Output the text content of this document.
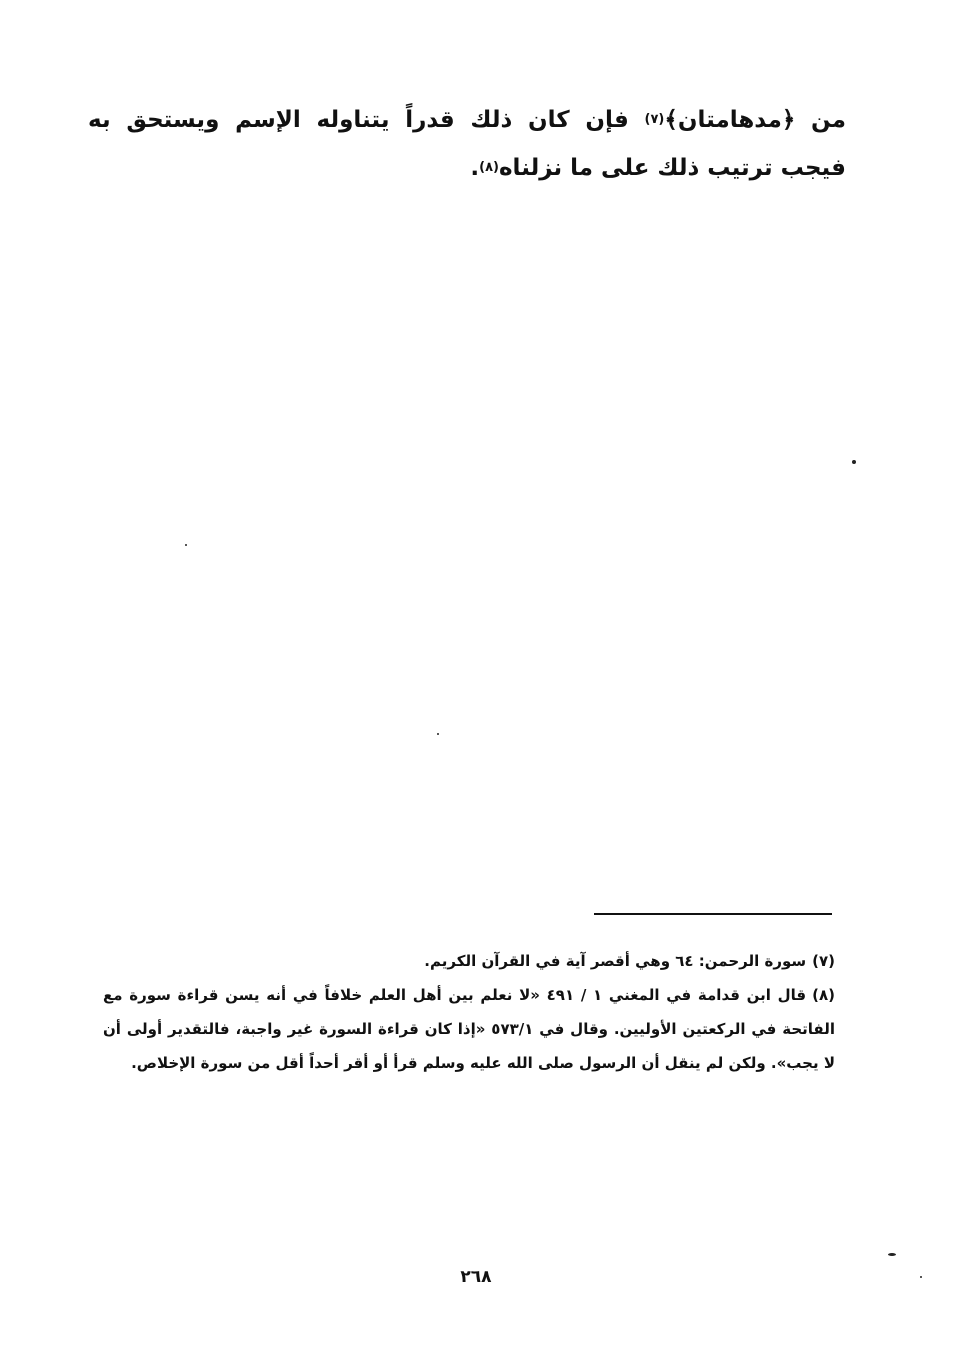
من ﴿مدهامتان﴾(٧) فإن كان ذلك قدراً يتناوله الإسم ويستحق به فيجب ترتيب ذلك على ما نزلناه(٨).

(٧)سورة الرحمن: ٦٤ وهي أقصر آية في القرآن الكريم.

(٨)قال ابن قدامة في المغني ١ / ٤٩١ «لا نعلم بين أهل العلم خلافاً في أنه يسن قراءة سورة مع الفاتحة في الركعتين الأوليين. وقال في ٥٧٣/١ «إذا كان قراءة السورة غير واجبة، فالتقدير أولى أن لا يجب». ولكن لم ينقل أن الرسول صلى الله عليه وسلم قرأ أو أقر أحداً أقل من سورة الإخلاص.

٢٦٨
